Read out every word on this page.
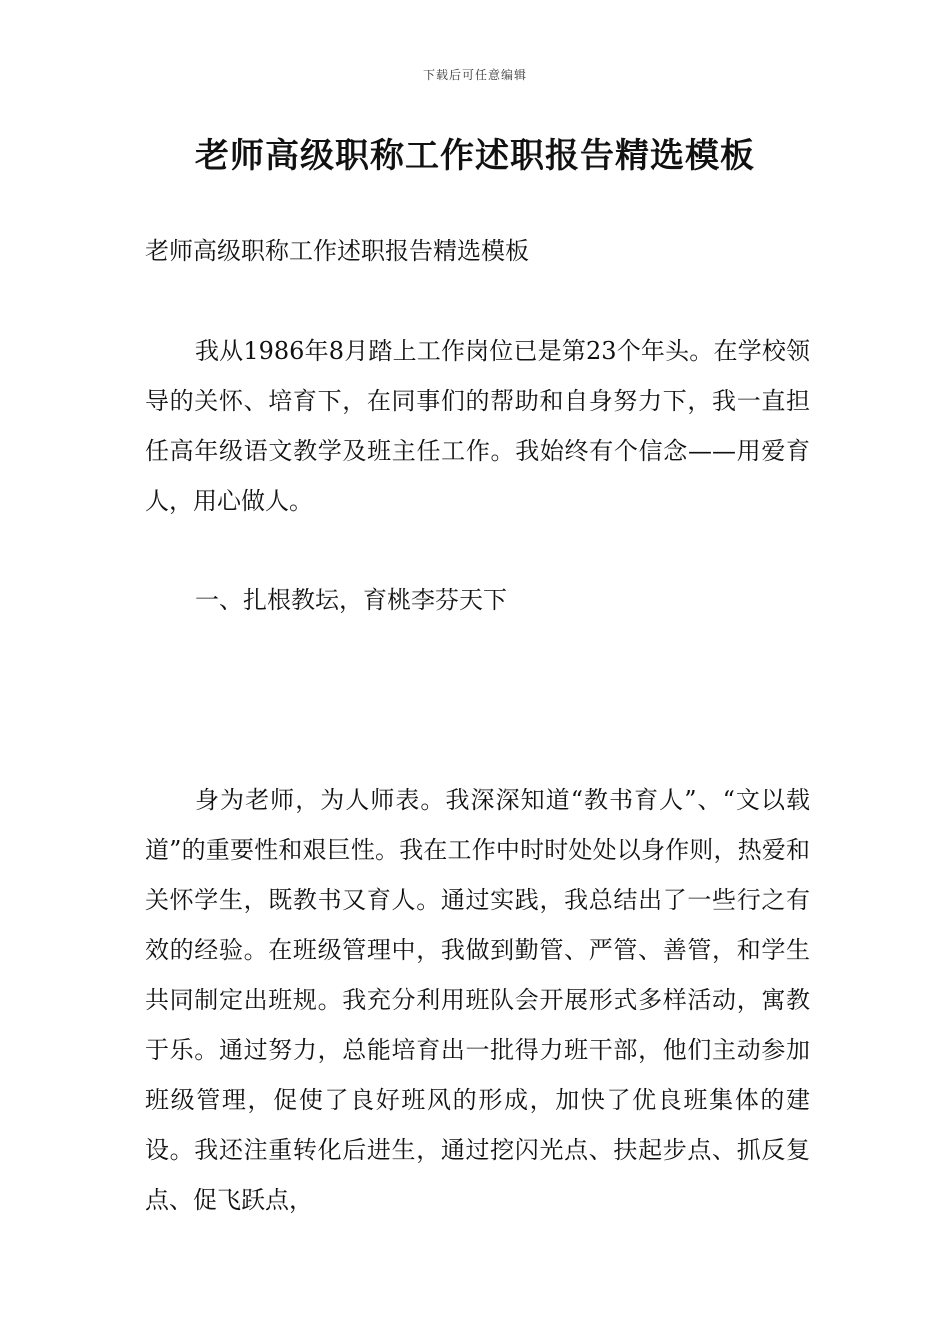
下载后可任意编辑
老师高级职称工作述职报告精选模板

老师高级职称工作述职报告精选模板

我从1986年8月踏上工作岗位已是第23个年头。在学校领导的关怀、培育下，在同事们的帮助和自身努力下，我一直担任高年级语文教学及班主任工作。我始终有个信念——用爱育人，用心做人。

一、扎根教坛，育桃李芬天下

身为老师，为人师表。我深深知道“教书育人”、“文以载道”的重要性和艰巨性。我在工作中时时处处以身作则，热爱和关怀学生，既教书又育人。通过实践，我总结出了一些行之有效的经验。在班级管理中，我做到勤管、严管、善管，和学生共同制定出班规。我充分利用班队会开展形式多样活动，寓教于乐。通过努力，总能培育出一批得力班干部，他们主动参加班级管理，促使了良好班风的形成，加快了优良班集体的建设。我还注重转化后进生，通过挖闪光点、扶起步点、抓反复点、促飞跃点，
